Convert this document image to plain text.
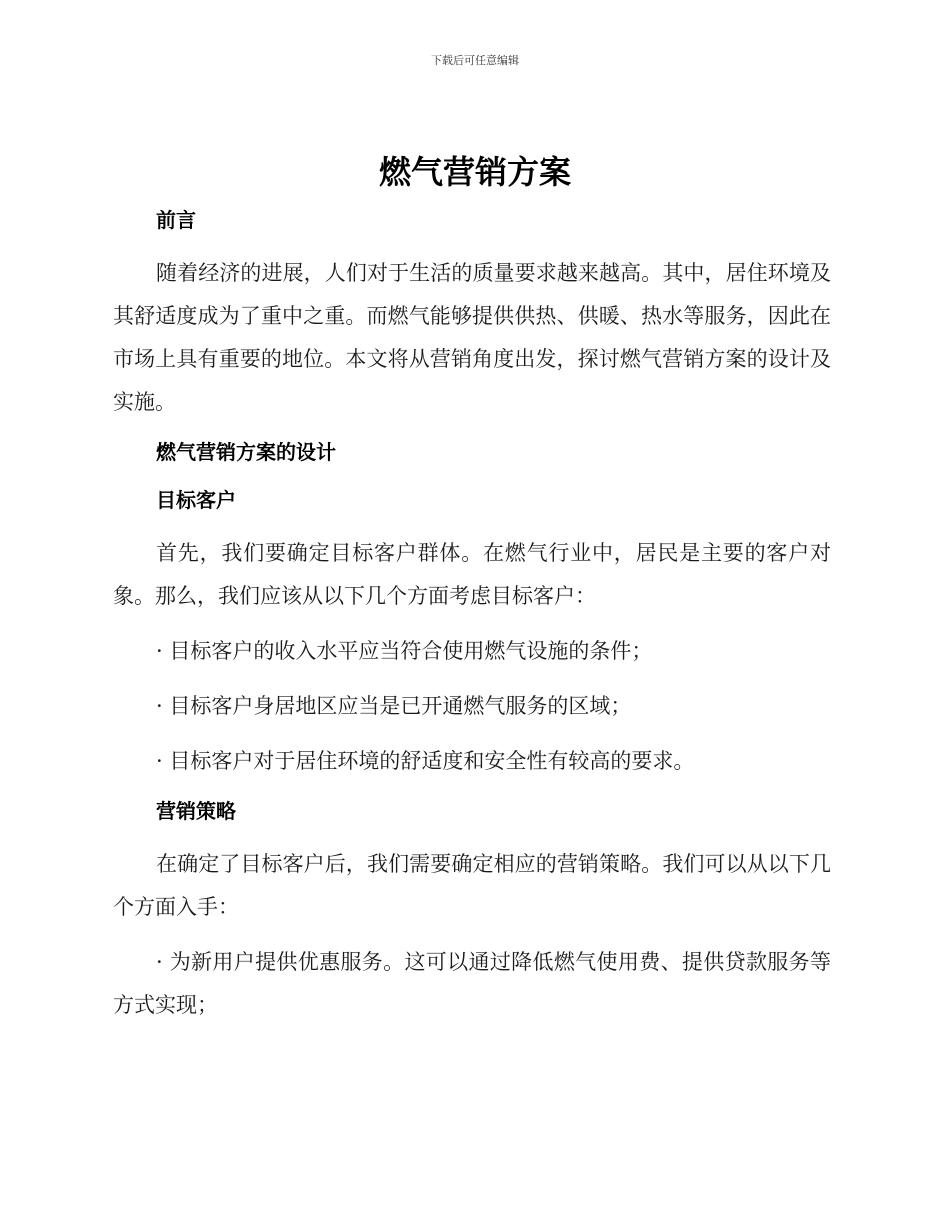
下载后可任意编辑
燃气营销方案
前言

随着经济的进展，人们对于生活的质量要求越来越高。其中，居住环境及其舒适度成为了重中之重。而燃气能够提供供热、供暖、热水等服务，因此在市场上具有重要的地位。本文将从营销角度出发，探讨燃气营销方案的设计及实施。

燃气营销方案的设计
目标客户

首先，我们要确定目标客户群体。在燃气行业中，居民是主要的客户对象。那么，我们应该从以下几个方面考虑目标客户：

· 目标客户的收入水平应当符合使用燃气设施的条件；

· 目标客户身居地区应当是已开通燃气服务的区域；

· 目标客户对于居住环境的舒适度和安全性有较高的要求。

营销策略

在确定了目标客户后，我们需要确定相应的营销策略。我们可以从以下几个方面入手：

· 为新用户提供优惠服务。这可以通过降低燃气使用费、提供贷款服务等方式实现；
